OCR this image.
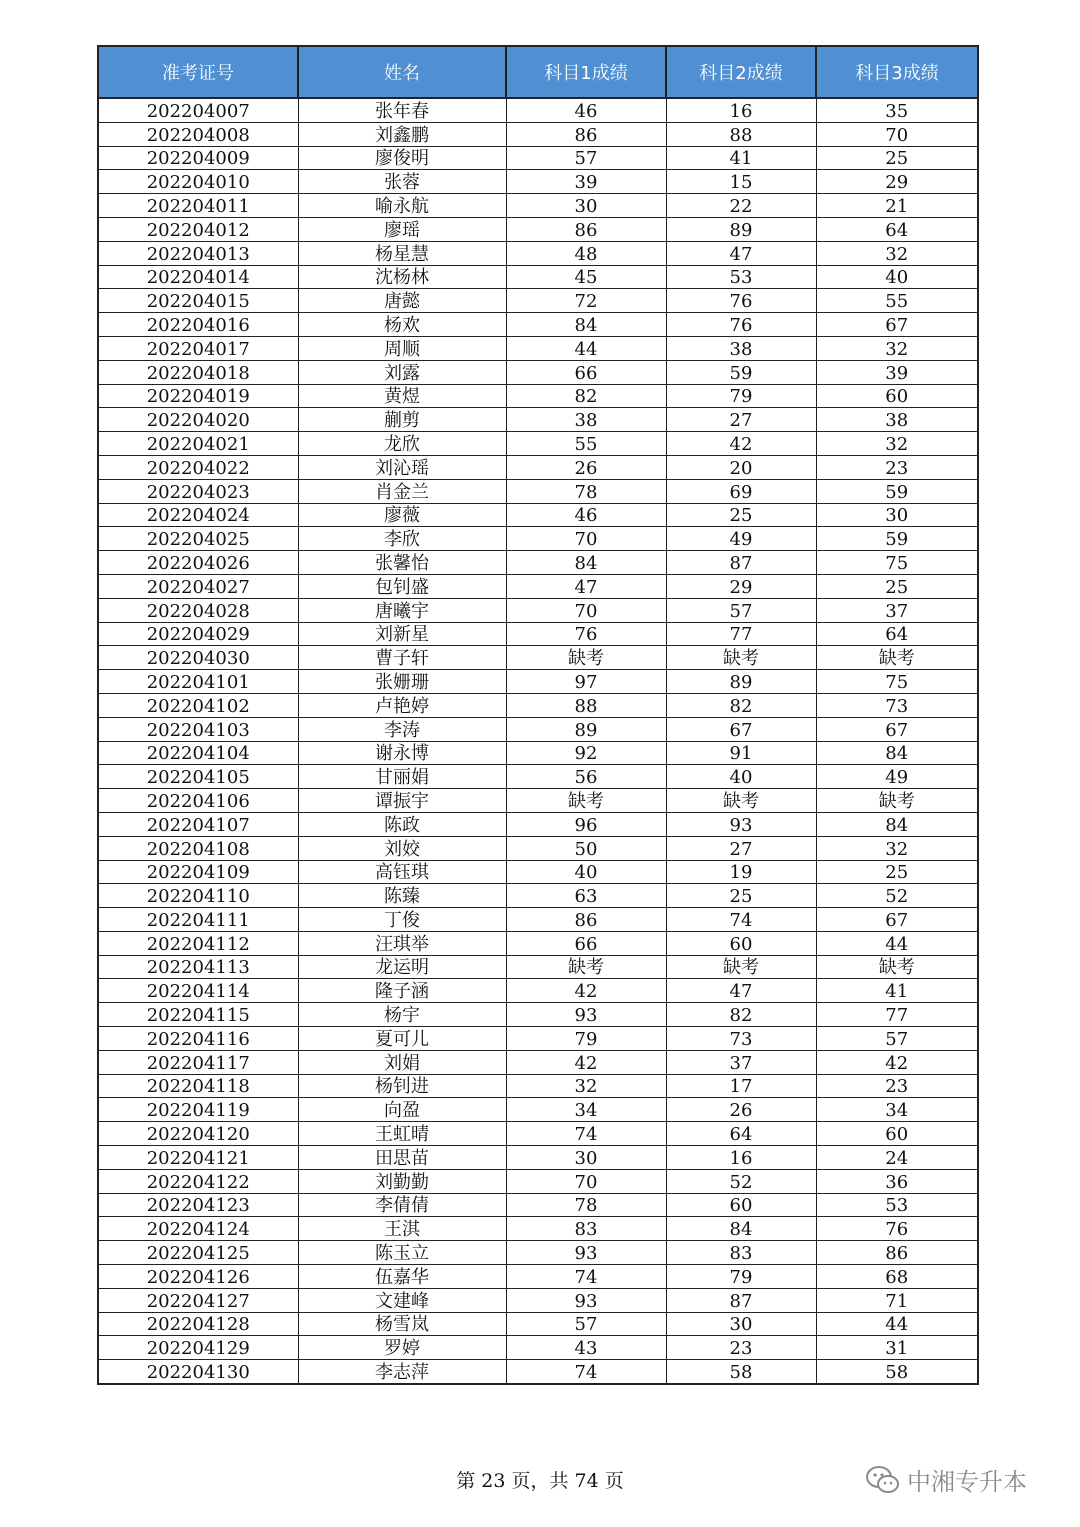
准考证号	姓名	科目1成绩	科目2成绩	科目3成绩
202204007	张年春	46	16	35
202204008	刘鑫鹏	86	88	70
202204009	廖俊明	57	41	25
202204010	张蓉	39	15	29
202204011	喻永航	30	22	21
202204012	廖瑶	86	89	64
202204013	杨星慧	48	47	32
202204014	沈杨林	45	53	40
202204015	唐懿	72	76	55
202204016	杨欢	84	76	67
202204017	周顺	44	38	32
202204018	刘露	66	59	39
202204019	黄煜	82	79	60
202204020	蒯剪	38	27	38
202204021	龙欣	55	42	32
202204022	刘沁瑶	26	20	23
202204023	肖金兰	78	69	59
202204024	廖薇	46	25	30
202204025	李欣	70	49	59
202204026	张馨怡	84	87	75
202204027	包钊盛	47	29	25
202204028	唐曦宇	70	57	37
202204029	刘新星	76	77	64
202204030	曹子轩	缺考	缺考	缺考
202204101	张姗珊	97	89	75
202204102	卢艳婷	88	82	73
202204103	李涛	89	67	67
202204104	谢永博	92	91	84
202204105	甘丽娟	56	40	49
202204106	谭振宇	缺考	缺考	缺考
202204107	陈政	96	93	84
202204108	刘姣	50	27	32
202204109	高钰琪	40	19	25
202204110	陈臻	63	25	52
202204111	丁俊	86	74	67
202204112	汪琪举	66	60	44
202204113	龙运明	缺考	缺考	缺考
202204114	隆子涵	42	47	41
202204115	杨宇	93	82	77
202204116	夏可儿	79	73	57
202204117	刘娟	42	37	42
202204118	杨钊进	32	17	23
202204119	向盈	34	26	34
202204120	王虹晴	74	64	60
202204121	田思苗	30	16	24
202204122	刘勤勤	70	52	36
202204123	李倩倩	78	60	53
202204124	王淇	83	84	76
202204125	陈玉立	93	83	86
202204126	伍嘉华	74	79	68
202204127	文建峰	93	87	71
202204128	杨雪岚	57	30	44
202204129	罗婷	43	23	31
202204130	李志萍	74	58	58
第 23 页，共 74 页	中湘专升本
